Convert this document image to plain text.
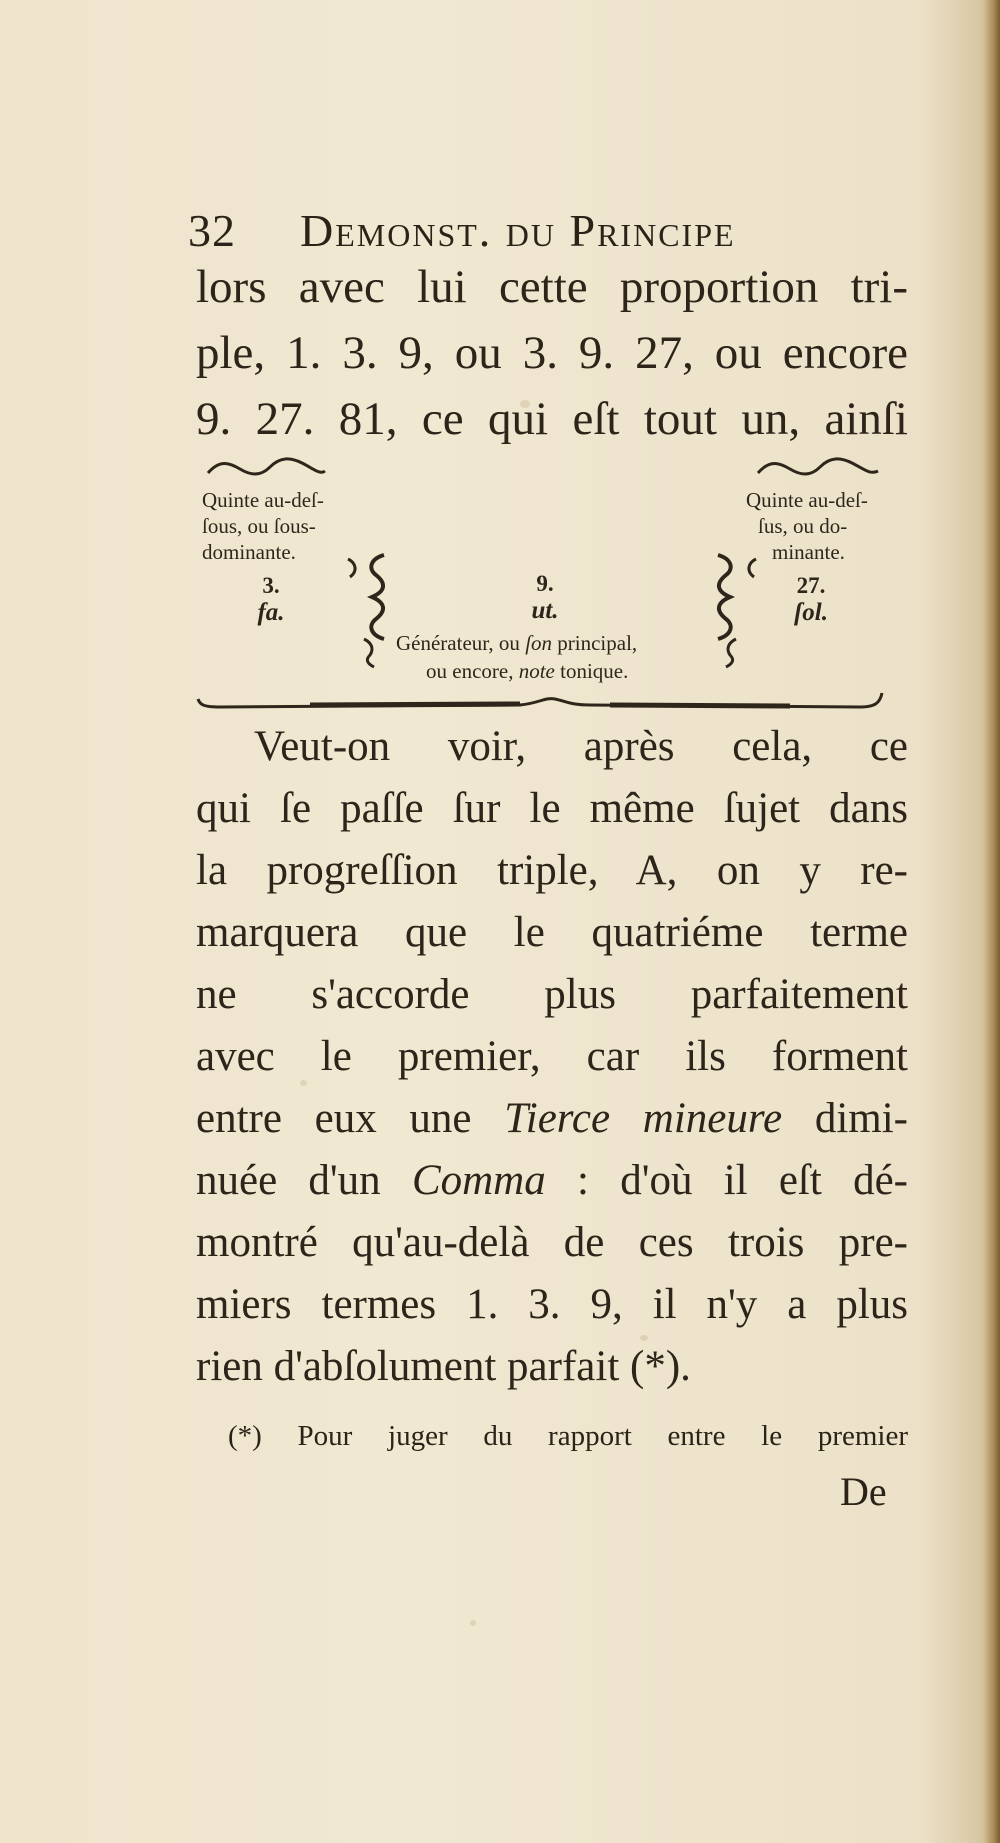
32 Demonst. du Principe
lors avec lui cette proportion tri-
ple, 1. 3. 9, ou 3. 9. 27, ou encore
9. 27. 81, ce qui eſt tout un, ainſi
Quinte au-deſ-
ſous, ou ſous-
dominante.
Quinte au-deſ-
ſus, ou do-
minante.
3.
fa.
9.
ut.
27.
ſol.
Générateur, ou ſon principal,
ou encore, note tonique.
Veut-on voir, après cela, ce
qui ſe paſſe ſur le même ſujet dans
la progreſſion triple, A, on y re-
marquera que le quatriéme terme
ne s'accorde plus parfaitement
avec le premier, car ils forment
entre eux une Tierce mineure dimi-
nuée d'un Comma : d'où il eſt dé-
montré qu'au-delà de ces trois pre-
miers termes 1. 3. 9, il n'y a plus
rien d'abſolument parfait (*).
(*) Pour juger du rapport entre le premier
De
